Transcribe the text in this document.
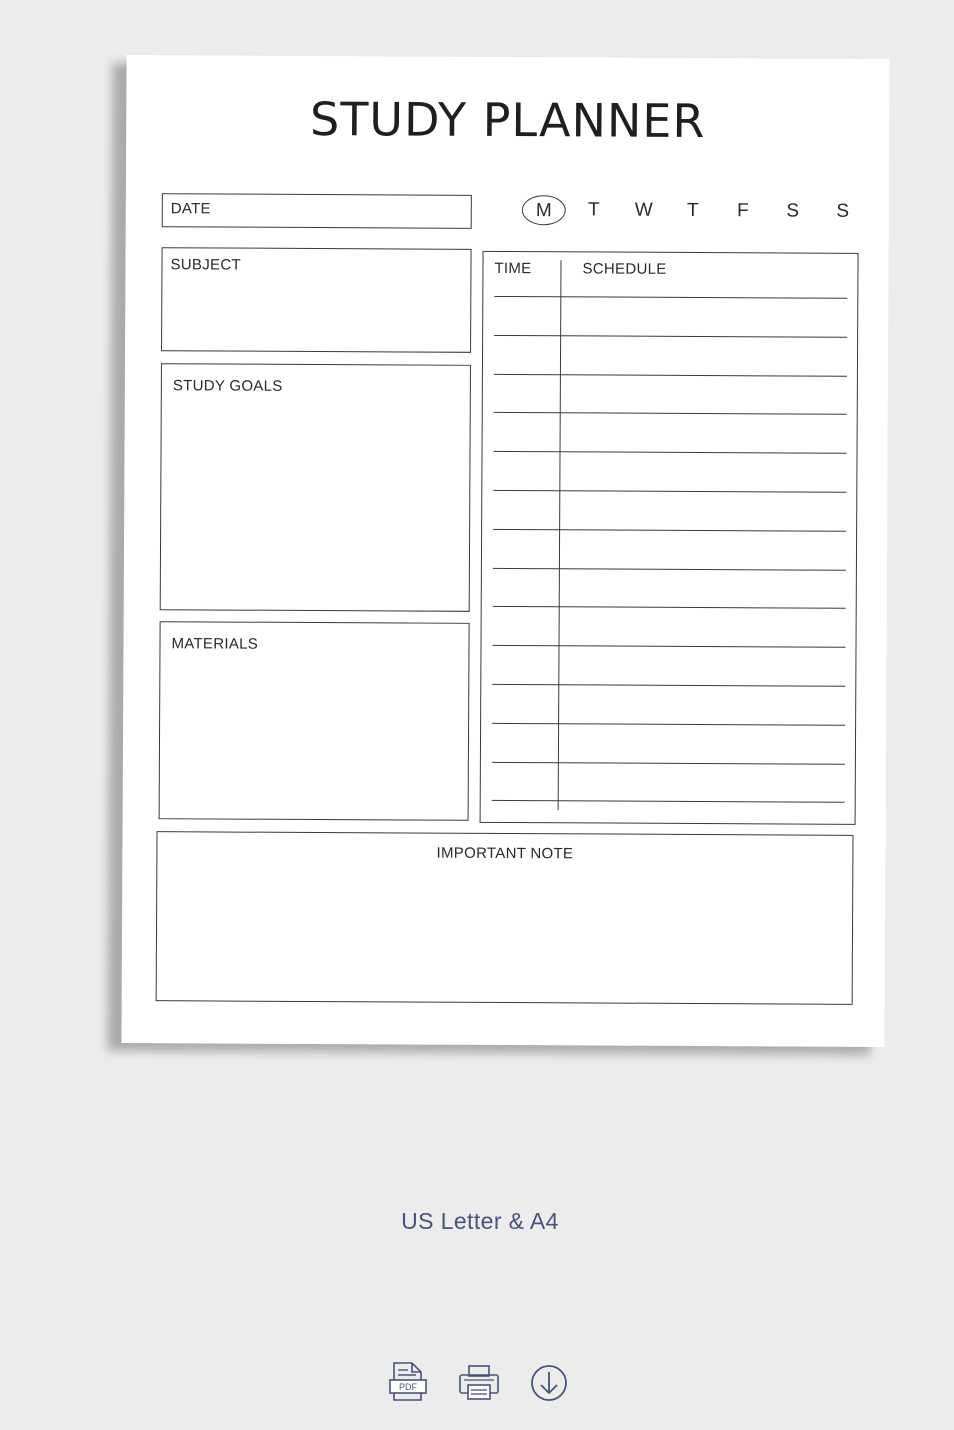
STUDY PLANNER
DATE	M	T	W	T	F	S	S
SUBJECT
STUDY GOALS
MATERIALS
TIME	SCHEDULE
IMPORTANT NOTE
US Letter & A4
PDF
